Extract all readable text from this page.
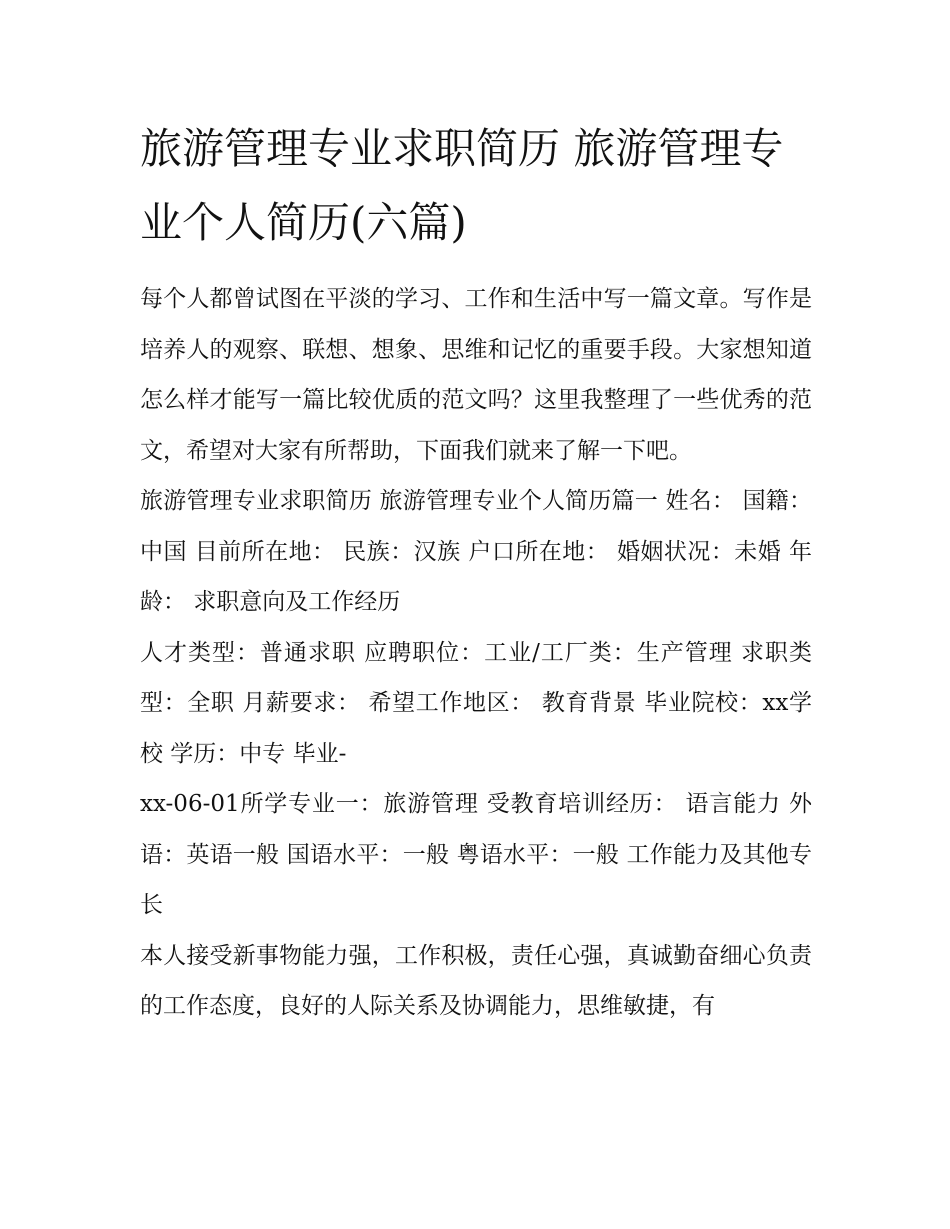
旅游管理专业求职简历 旅游管理专业个人简历(六篇)

每个人都曾试图在平淡的学习、工作和生活中写一篇文章。写作是培养人的观察、联想、想象、思维和记忆的重要手段。大家想知道怎么样才能写一篇比较优质的范文吗？这里我整理了一些优秀的范文，希望对大家有所帮助，下面我们就来了解一下吧。

旅游管理专业求职简历 旅游管理专业个人简历篇一 姓名： 国籍：中国 目前所在地： 民族：汉族 户口所在地： 婚姻状况：未婚 年龄： 求职意向及工作经历

人才类型：普通求职 应聘职位：工业/工厂类：生产管理 求职类型：全职 月薪要求： 希望工作地区： 教育背景 毕业院校：xx学校 学历：中专 毕业-

xx-06-01所学专业一：旅游管理 受教育培训经历： 语言能力 外语：英语一般 国语水平：一般 粤语水平：一般 工作能力及其他专长

本人接受新事物能力强，工作积极，责任心强，真诚勤奋细心负责的工作态度，良好的人际关系及协调能力，思维敏捷，有
